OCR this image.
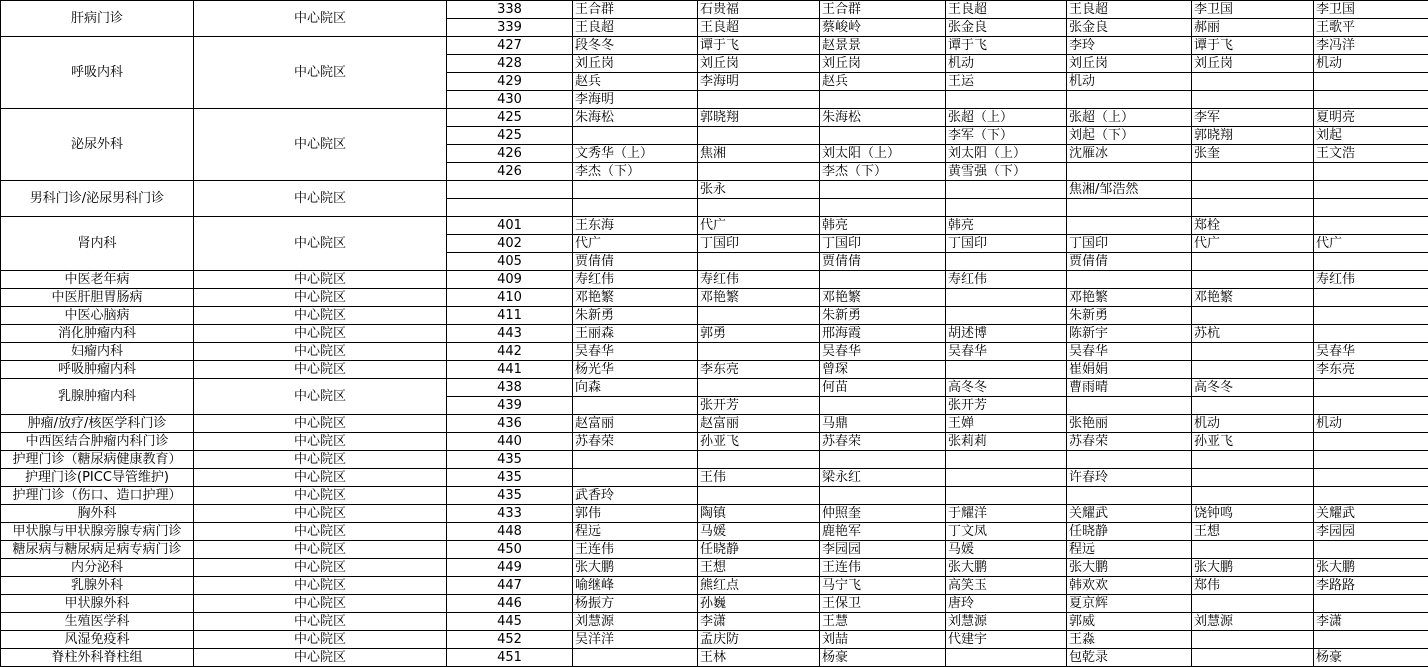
肝病门诊	中心院区	338	王合群	石贵福	王合群	王良超	王良超	李卫国	李卫国
		339	王良超	王良超	蔡峻岭	张金良	张金良	郝丽	王歌平
呼吸内科	中心院区	427	段冬冬	谭于飞	赵景景	谭于飞	李玲	谭于飞	李冯洋
		428	刘丘岗	刘丘岗	刘丘岗	机动	刘丘岗	刘丘岗	机动
		429	赵兵	李海明	赵兵	王运	机动		
		430	李海明						
泌尿外科	中心院区	425	朱海松	郭晓翔	朱海松	张超（上）	张超（上）	李军	夏明亮
		425				李军（下）	刘起（下）	郭晓翔	刘起
		426	文秀华（上）	焦湘	刘太阳（上）	刘太阳（上）	沈雁冰	张奎	王文浩
		426	李杰（下）		李杰（下）	黄雪强（下）			
男科门诊/泌尿男科门诊	中心院区			张永			焦湘/邹浩然		

肾内科	中心院区	401	王东海	代广	韩亮	韩亮		郑栓	
		402	代广	丁国印	丁国印	丁国印	丁国印	代广	代广
		405	贾倩倩		贾倩倩		贾倩倩		
中医老年病	中心院区	409	寿红伟	寿红伟		寿红伟			寿红伟
中医肝胆胃肠病	中心院区	410	邓艳繁	邓艳繁	邓艳繁		邓艳繁	邓艳繁	
中医心脑病	中心院区	411	朱新勇		朱新勇		朱新勇		
消化肿瘤内科	中心院区	443	王丽森	郭勇	邢海霞	胡述博	陈新宇	苏杭	
妇瘤内科	中心院区	442	吴春华		吴春华	吴春华	吴春华		吴春华
呼吸肿瘤内科	中心院区	441	杨光华	李东亮	曾琛		崔娟娟		李东亮
乳腺肿瘤内科	中心院区	438	向森		何苗	高冬冬	曹雨晴	高冬冬	
		439		张开芳		张开芳			
肿瘤/放疗/核医学科门诊	中心院区	436	赵富丽	赵富丽	马鼎	王婵	张艳丽	机动	机动
中西医结合肿瘤内科门诊	中心院区	440	苏春荣	孙亚飞	苏春荣	张莉莉	苏春荣	孙亚飞	
护理门诊（糖尿病健康教育）	中心院区	435							
护理门诊(PICC导管维护)	中心院区	435		王伟	梁永红		许春玲		
护理门诊（伤口、造口护理）	中心院区	435	武香玲						
胸外科	中心院区	433	郭伟	陶镇	仲照奎	于耀洋	关耀武	饶钟鸣	关耀武
甲状腺与甲状腺旁腺专病门诊	中心院区	448	程远	马媛	鹿艳军	丁文凤	任晓静	王想	李园园
糖尿病与糖尿病足病专病门诊	中心院区	450	王连伟	任晓静	李园园	马媛	程远		
内分泌科	中心院区	449	张大鹏	王想	王连伟	张大鹏	张大鹏	张大鹏	张大鹏
乳腺外科	中心院区	447	喻继峰	熊红点	马宁飞	高笑玉	韩欢欢	郑伟	李路路
甲状腺外科	中心院区	446	杨振方	孙巍	王保卫	唐玲	夏京辉		
生殖医学科	中心院区	445	刘慧源	李潇	王慧	刘慧源	郭威	刘慧源	李潇
风湿免疫科	中心院区	452	吴洋洋	孟庆防	刘喆	代建宇	王淼		
脊柱外科脊柱组	中心院区	451		王林	杨豪		包乾录		杨豪
